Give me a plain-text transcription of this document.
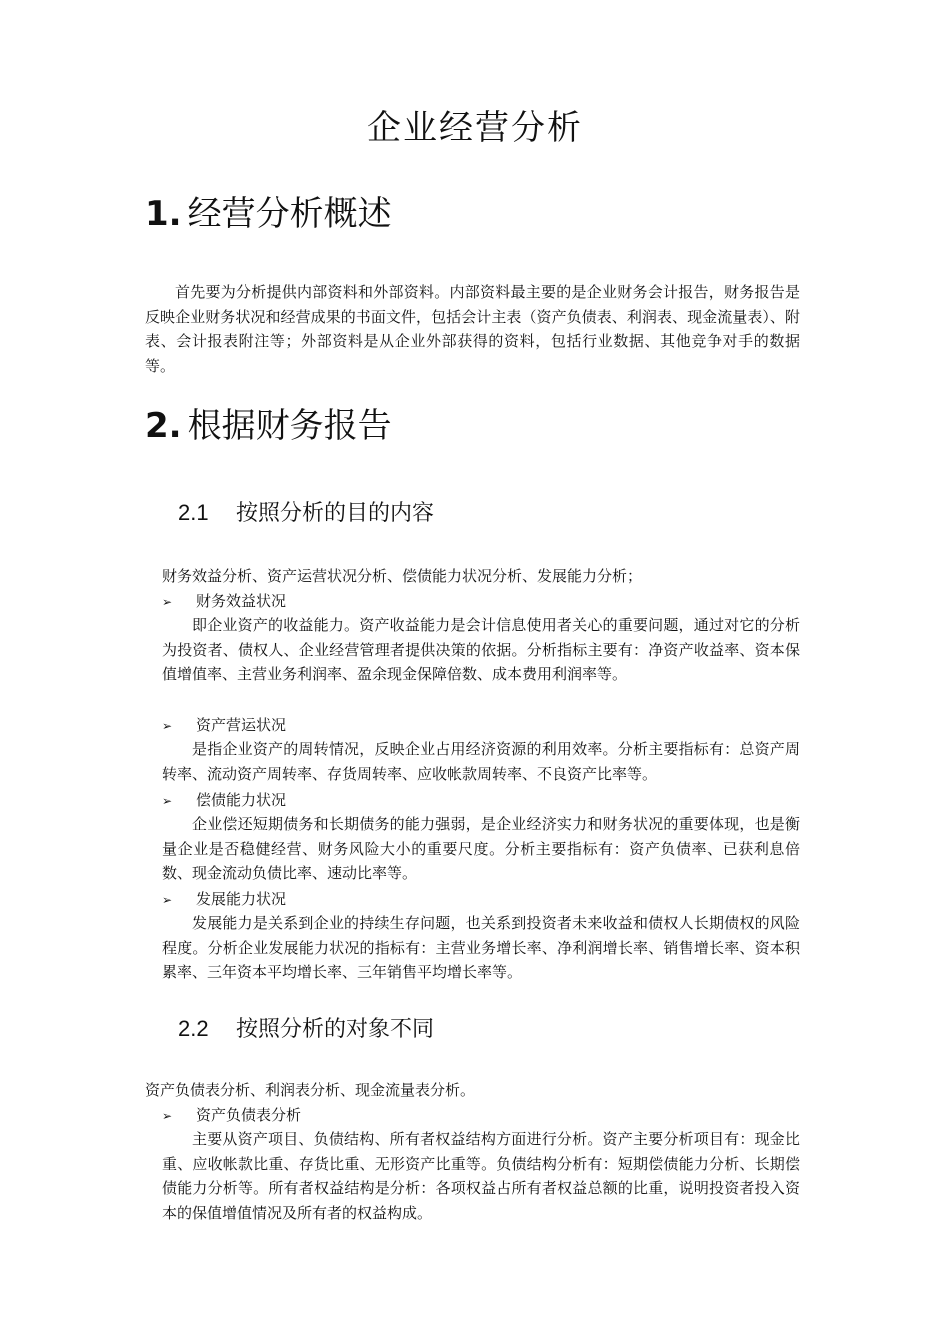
企业经营分析
1. 经营分析概述
首先要为分析提供内部资料和外部资料。内部资料最主要的是企业财务会计报告，财务报告是反映企业财务状况和经营成果的书面文件，包括会计主表（资产负债表、利润表、现金流量表）、附表、会计报表附注等；外部资料是从企业外部获得的资料，包括行业数据、其他竞争对手的数据等。
2. 根据财务报告
2.1 按照分析的目的内容
财务效益分析、资产运营状况分析、偿债能力状况分析、发展能力分析；
➢ 财务效益状况
即企业资产的收益能力。资产收益能力是会计信息使用者关心的重要问题，通过对它的分析为投资者、债权人、企业经营管理者提供决策的依据。分析指标主要有：净资产收益率、资本保值增值率、主营业务利润率、盈余现金保障倍数、成本费用利润率等。
➢ 资产营运状况
是指企业资产的周转情况，反映企业占用经济资源的利用效率。分析主要指标有：总资产周转率、流动资产周转率、存货周转率、应收帐款周转率、不良资产比率等。
➢ 偿债能力状况
企业偿还短期债务和长期债务的能力强弱，是企业经济实力和财务状况的重要体现，也是衡量企业是否稳健经营、财务风险大小的重要尺度。分析主要指标有：资产负债率、已获利息倍数、现金流动负债比率、速动比率等。
➢ 发展能力状况
发展能力是关系到企业的持续生存问题，也关系到投资者未来收益和债权人长期债权的风险程度。分析企业发展能力状况的指标有：主营业务增长率、净利润增长率、销售增长率、资本积累率、三年资本平均增长率、三年销售平均增长率等。
2.2 按照分析的对象不同
资产负债表分析、利润表分析、现金流量表分析。
➢ 资产负债表分析
主要从资产项目、负债结构、所有者权益结构方面进行分析。资产主要分析项目有：现金比重、应收帐款比重、存货比重、无形资产比重等。负债结构分析有：短期偿债能力分析、长期偿债能力分析等。所有者权益结构是分析：各项权益占所有者权益总额的比重，说明投资者投入资本的保值增值情况及所有者的权益构成。
